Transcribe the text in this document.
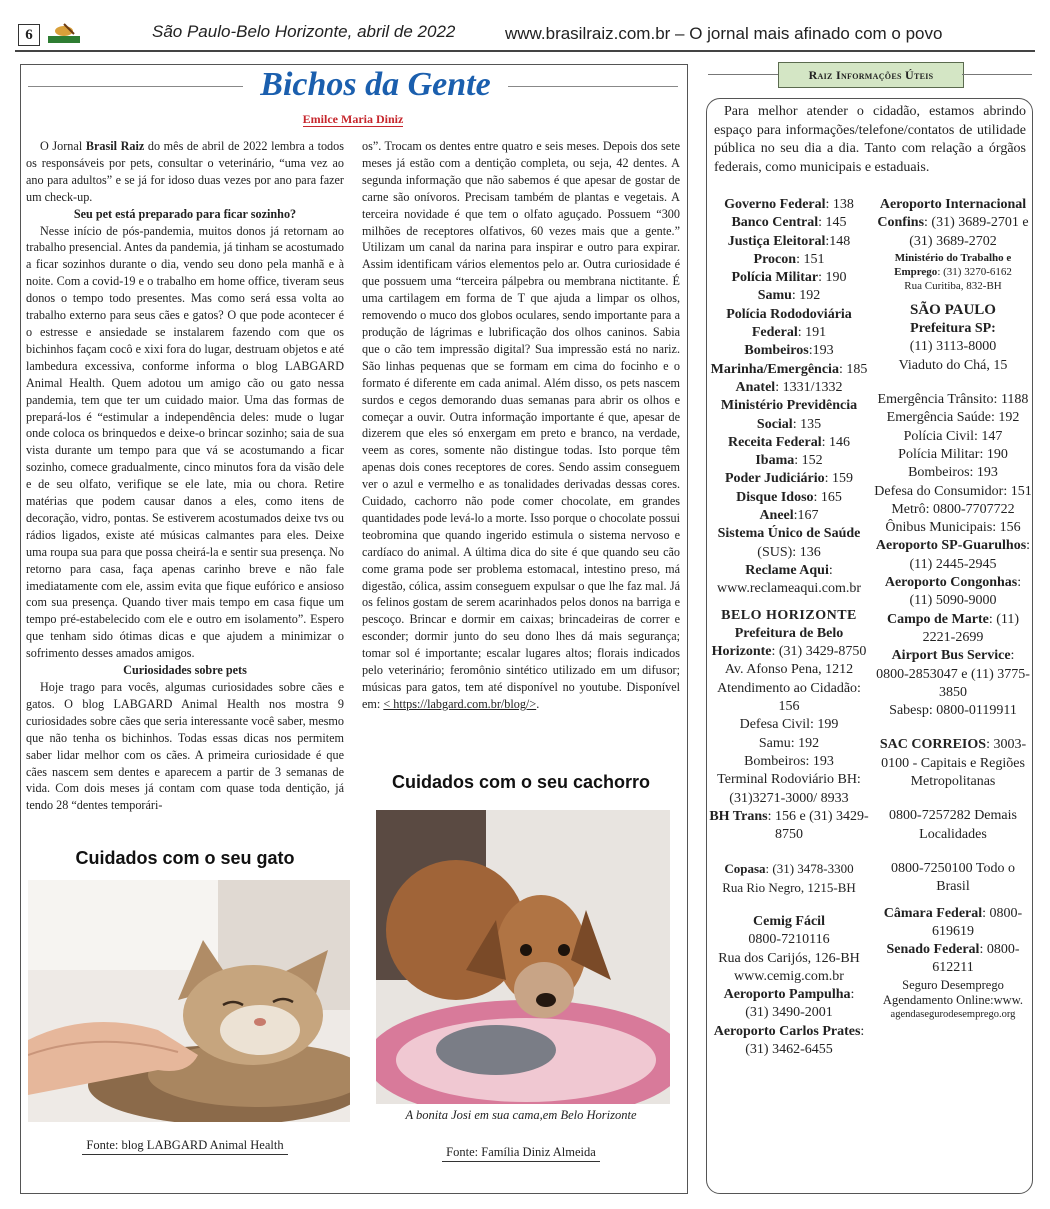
6	São Paulo-Belo Horizonte, abril de 2022	www.brasilraiz.com.br – O jornal mais afinado com o povo
Bichos da Gente
Emilce Maria Diniz

O Jornal Brasil Raiz do mês de abril de 2022 lembra a todos os responsáveis por pets, consultar o veterinário, “uma vez ao ano para adultos” e se já for idoso duas vezes por ano para fazer um check-up.

Seu pet está preparado para ficar sozinho?

Nesse início de pós-pandemia, muitos donos já retornam ao trabalho presencial. Antes da pandemia, já tinham se acostumado a ficar sozinhos durante o dia, vendo seu dono pela manhã e à noite. Com a covid-19 e o trabalho em home office, tiveram seus donos o tempo todo presentes. Mas como será essa volta ao trabalho externo para seus cães e gatos? O que pode acontecer é o estresse e ansiedade se instalarem fazendo com que os bichinhos façam cocô e xixi fora do lugar, destruam objetos e até lambedura excessiva, conforme informa o blog LABGARD Animal Health. Quem adotou um amigo cão ou gato nessa pandemia, tem que ter um cuidado maior. Uma das formas de prepará-los é “estimular a independência deles: mude o lugar onde coloca os brinquedos e deixe-o brincar sozinho; saia de sua vista durante um tempo para que vá se acostumando a ficar sozinho, comece gradualmente, cinco minutos fora da visão dele e de seu olfato, verifique se ele late, mia ou chora. Retire matérias que podem causar danos a eles, como itens de decoração, vidro, pontas. Se estiverem acostumados deixe tvs ou rádios ligados, existe até músicas calmantes para eles. Deixe uma roupa sua para que possa cheirá-la e sentir sua presença. No retorno para casa, faça apenas carinho breve e não fale imediatamente com ele, assim evita que fique eufórico e ansioso com sua presença. Quando tiver mais tempo em casa fique um tempo pré-estabelecido com ele e outro em isolamento”. Espero que tenham sido ótimas dicas e que ajudem a minimizar o sofrimento desses amados amigos.

Curiosidades sobre pets

Hoje trago para vocês, algumas curiosidades sobre cães e gatos. O blog LABGARD Animal Health nos mostra 9 curiosidades sobre cães que seria interessante você saber, mesmo que não tenha os bichinhos. Todas essas dicas nos permitem saber lidar melhor com os cães. A primeira curiosidade é que cães nascem sem dentes e aparecem a partir de 3 semanas de vida. Com dois meses já contam com quase toda dentição, já tendo 28 “dentes temporári-

os”. Trocam os dentes entre quatro e seis meses. Depois dos sete meses já estão com a dentição completa, ou seja, 42 dentes. A segunda informação que não sabemos é que apesar de gostar de carne são onívoros. Precisam também de plantas e vegetais. A terceira novidade é que tem o olfato aguçado. Possuem “300 milhões de receptores olfativos, 60 vezes mais que a gente.” Utilizam um canal da narina para inspirar e outro para expirar. Assim identificam vários elementos pelo ar. Outra curiosidade é que possuem uma “terceira pálpebra ou membrana nictitante. É uma cartilagem em forma de T que ajuda a limpar os olhos, removendo o muco dos globos oculares, sendo importante para a produção de lágrimas e lubrificação dos olhos caninos. Sabia que o cão tem impressão digital? Sua impressão está no nariz. São linhas pequenas que se formam em cima do focinho e o formato é diferente em cada animal. Além disso, os pets nascem surdos e cegos demorando duas semanas para abrir os olhos e começar a ouvir. Outra informação importante é que, apesar de dizerem que eles só enxergam em preto e branco, na verdade, veem as cores, somente não distingue todas. Isto porque têm apenas dois cones receptores de cores. Sendo assim conseguem ver o azul e vermelho e as tonalidades derivadas dessas cores. Cuidado, cachorro não pode comer chocolate, em grandes quantidades pode levá-lo a morte. Isso porque o chocolate possui teobromina que quando ingerido estimula o sistema nervoso e cardíaco do animal. A última dica do site é que quando seu cão come grama pode ser problema estomacal, intestino preso, má digestão, cólica, assim conseguem expulsar o que lhe faz mal. Já os felinos gostam de serem acarinhados pelos donos na barriga e pescoço. Brincar e dormir em caixas; brincadeiras de correr e esconder; dormir junto do seu dono lhes dá mais segurança; tomar sol é importante; escalar lugares altos; florais indicados pelo veterinário; feromônio sintético utilizado em um difusor; músicas para gatos, tem até disponível no youtube. Disponível em: < https://labgard.com.br/blog/>.

Cuidados com o seu gato
Fonte: blog LABGARD Animal Health
Cuidados com o seu cachorro
A bonita Josi em sua cama,em Belo Horizonte
Fonte: Família Diniz Almeida
Raiz Informações Úteis

Para melhor atender o cidadão, estamos abrindo espaço para informações/telefone/contatos de utilidade pública no seu dia a dia. Tanto com relação a órgãos federais, como municipais e estaduais.

Governo Federal: 138
Banco Central: 145
Justiça Eleitoral:148
Procon: 151
Polícia Militar: 190
Samu: 192
Polícia Rododoviária Federal: 191
Bombeiros:193
Marinha/Emergência: 185
Anatel: 1331/1332
Ministério Previdência Social: 135
Receita Federal: 146
Ibama: 152
Poder Judiciário: 159
Disque Idoso: 165
Aneel:167
Sistema Único de Saúde (SUS): 136
Reclame Aqui:
www.reclameaqui.com.br
BELO HORIZONTE
Prefeitura de Belo Horizonte: (31) 3429-8750
Av. Afonso Pena, 1212
Atendimento ao Cidadão: 156
Defesa Civil: 199
Samu: 192
Bombeiros: 193
Terminal Rodoviário BH: (31)3271-3000/ 8933
BH Trans: 156 e (31) 3429-8750
Copasa: (31) 3478-3300
Rua Rio Negro, 1215-BH
Cemig Fácil
0800-7210116
Rua dos Carijós, 126-BH
www.cemig.com.br
Aeroporto Pampulha:
(31) 3490-2001
Aeroporto Carlos Prates: (31) 3462-6455
Aeroporto Internacional Confins: (31) 3689-2701 e (31) 3689-2702
Ministério do Trabalho e Emprego: (31) 3270-6162
Rua Curitiba, 832-BH
SÃO PAULO
Prefeitura SP:
(11) 3113-8000
Viaduto do Chá, 15
Emergência Trânsito: 1188
Emergência Saúde: 192
Polícia Civil: 147
Polícia Militar: 190
Bombeiros: 193
Defesa do Consumidor: 151
Metrô: 0800-7707722
Ônibus Municipais: 156
Aeroporto SP-Guarulhos: (11) 2445-2945
Aeroporto Congonhas: (11) 5090-9000
Campo de Marte: (11) 2221-2699
Airport Bus Service: 0800-2853047 e (11) 3775-3850
Sabesp: 0800-0119911
SAC CORREIOS: 3003-0100 - Capitais e Regiões Metropolitanas
0800-7257282 Demais Localidades
0800-7250100 Todo o Brasil
Câmara Federal: 0800-619619
Senado Federal: 0800-612211
Seguro Desemprego Agendamento Online:www.
agendasegurodesemprego.org
